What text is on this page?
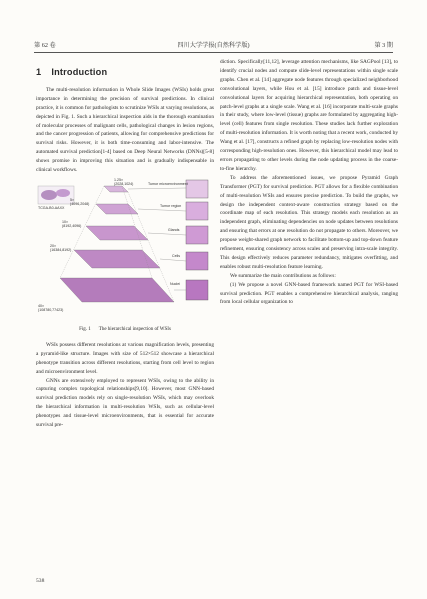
第 62 卷	四川大学学报(自然科学版)	第 3 期
1 Introduction

The multi-resolution information in Whole Slide Images (WSIs) holds great importance in determining the precision of survival predictions. In clinical practice, it is common for pathologists to scrutinize WSIs at varying resolutions, as depicted in Fig. 1. Such a hierarchical inspection aids in the thorough examination of molecular processes of malignant cells, pathological changes in lesion regions, and the cancer progression of patients, allowing for comprehensive predictions for survival risks. However, it is both time-consuming and labor-intensive. The automated survival prediction[1-4] based on Deep Neural Networks (DNNs)[5-8] shows promise in improving this situation and is gradually indispensable in clinical workflows.

TCGA-B0-AAXX
1.25×
(2028,1024)
5×
(4096,2048)
10×
(8192,4096)
20×
(16384,8192)
40×
(108780,77423)
Tumor microenvironment
Tumor region
Glands
Cells
Nuclei
Fig. 1 The hierarchical inspection of WSIs

WSIs possess different resolutions at various magnification levels, presenting a pyramid-like structure. Images with size of 512×512 showcase a hierarchical phenotype transition across different resolutions, starting from cell level to region and microenvironment level.

GNNs are extensively employed to represent WSIs, owing to the ability in capturing complex topological relationships[9,10]. However, most GNN-based survival prediction models rely on single-resolution WSIs, which may overlook the hierarchical information in multi-resolution WSIs, such as cellular-level phenotypes and tissue-level microenvironments, that is essential for accurate survival pre-

diction. Specifically[11,12], leverage attention mechanisms, like SAGPool [13], to identify crucial nodes and compute slide-level representations within single scale graphs. Chen et al. [14] aggregate node features through specialized neighborhood convolutional layers, while Hou et al. [15] introduce patch and tissue-level convolutional layers for acquiring hierarchical representation, both operating on patch-level graphs at a single scale. Wang et al. [16] incorporate multi-scale graphs in their study, where low-level (tissue) graphs are formulated by aggregating high-level (cell) features from single resolution. These studies lack further exploration of multi-resolution information. It is worth noting that a recent work, conducted by Wang et al. [17], constructs a refined graph by replacing low-resolution nodes with corresponding high-resolution ones. However, this hierarchical model may lead to errors propagating to other levels during the node updating process in the coarse-to-fine hierarchy.

To address the aforementioned issues, we propose Pyramid Graph Transformer (PGT) for survival prediction. PGT allows for a flexible combination of multi-resolution WSIs and ensures precise prediction. To build the graphs, we design the independent context-aware construction strategy based on the coordinate map of each resolution. This strategy models each resolution as an independent graph, eliminating dependencies on node updates between resolutions and ensuring that errors at one resolution do not propagate to others. Moreover, we propose weight-shared graph network to facilitate bottom-up and top-down feature refinement, ensuring consistency across scales and preserving intra-scale integrity. This design effectively reduces parameter redundancy, mitigates overfitting, and enables robust multi-resolution feature learning.

We summarize the main contributions as follows:

(1) We propose a novel GNN-based framework named PGT for WSI-based survival prediction. PGT enables a comprehensive hierarchical analysis, ranging from local cellular organization to

538
